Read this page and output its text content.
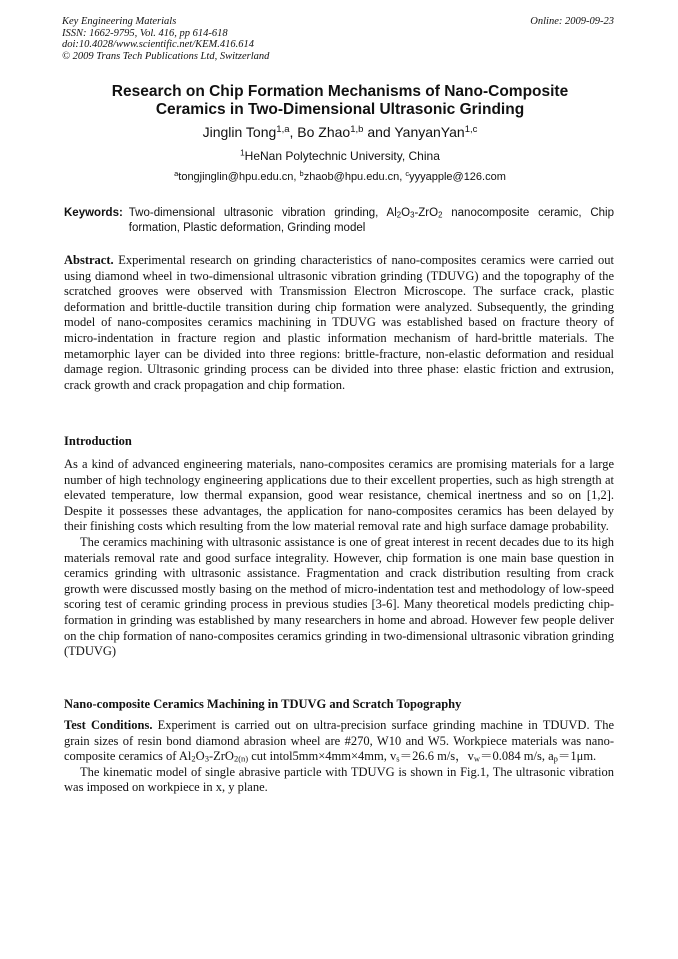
Key Engineering Materials
ISSN: 1662-9795, Vol. 416, pp 614-618
doi:10.4028/www.scientific.net/KEM.416.614
© 2009 Trans Tech Publications Ltd, Switzerland
Online: 2009-09-23
Research on Chip Formation Mechanisms of Nano-Composite
Ceramics in Two-Dimensional Ultrasonic Grinding
Jinglin Tong$^{1,a}$, Bo Zhao$^{1,b}$ and YanyanYan$^{1,c}$
$^1$HeNan Polytechnic University, China
$^a$tongjinglin@hpu.edu.cn, $^b$zhaob@hpu.edu.cn, $^c$yyyapple@126.com
Keywords: Two-dimensional ultrasonic vibration grinding, $Al_2O_3-ZrO_2$ nanocomposite ceramic, Chip formation, Plastic deformation, Grinding model

Abstract. Experimental research on grinding characteristics of nano-composites ceramics were carried out using diamond wheel in two-dimensional ultrasonic vibration grinding (TDUVG) and the topography of the scratched grooves were observed with Transmission Electron Microscope. The surface crack, plastic deformation and brittle-ductile transition during chip formation were analyzed. Subsequently, the grinding model of nano-composites ceramics machining in TDUVG was established based on fracture theory of micro-indentation in fracture region and plastic information mechanism of hard-brittle materials. The metamorphic layer can be divided into three regions: brittle-fracture, non-elastic deformation and residual damage region. Ultrasonic grinding process can be divided into three phase: elastic friction and extrusion, crack growth and crack propagation and chip formation.

Introduction

As a kind of advanced engineering materials, nano-composites ceramics are promising materials for a large number of high technology engineering applications due to their excellent properties, such as high strength at elevated temperature, low thermal expansion, good wear resistance, chemical inertness and so on [1,2]. Despite it possesses these advantages, the application for nano-composites ceramics has been delayed by their finishing costs which resulting from the low material removal rate and high surface damage probability.

The ceramics machining with ultrasonic assistance is one of great interest in recent decades due to its high materials removal rate and good surface integrality. However, chip formation is one main base question in ceramics grinding with ultrasonic assistance. Fragmentation and crack distribution resulting from crack growth were discussed mostly basing on the method of micro-indentation test and methodology of low-speed scoring test of ceramic grinding process in previous studies [3-6]. Many theoretical models predicting chip-formation in grinding was established by many researchers in home and abroad. However few people deliver on the chip formation of nano-composites ceramics grinding in two-dimensional ultrasonic vibration grinding (TDUVG)

Nano-composite Ceramics Machining in TDUVG and Scratch Topography

Test Conditions. Experiment is carried out on ultra-precision surface grinding machine in TDUVD. The grain sizes of resin bond diamond abrasion wheel are #270, W10 and W5. Workpiece materials was nano-composite ceramics of $Al_2O_3-ZrO_{2(n)}$ cut intol5mm×4mm×4mm, $v_s=26.6$ m/s，$v_w=0.084$ m/s, $a_p=1\mu m$.

The kinematic model of single abrasive particle with TDUVG is shown in Fig.1, The ultrasonic vibration was imposed on workpiece in x, y plane.
